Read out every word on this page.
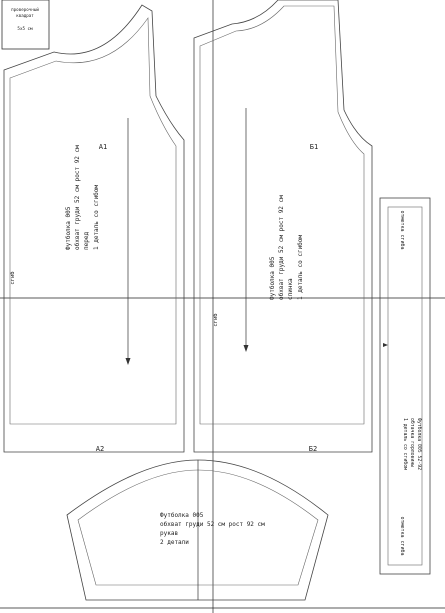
проверочный
квадрат
5х5 см
А1
А2
сгиб
Футболка 005 обхват груди 52 см рост 92 см перед 1 деталь со сгибом
Б1
Б2
сгиб
Футболка 005 обхват груди 52 см рост 92 см спинка 1 деталь со сгибом
отметка сгиба
отметка сгиба
Футболка 005 52-92
обтачка горловины
1 деталь со сгибом
Футболка 005
обхват груди 52 см рост 92 см
рукав
2 детали
